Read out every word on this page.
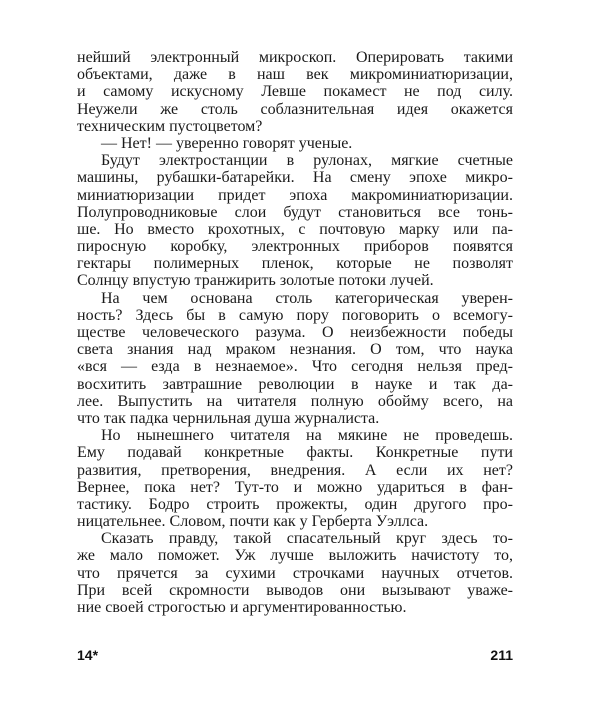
нейший электронный микроскоп. Оперировать такими
объектами, даже в наш век микроминиатюризации,
и самому искусному Левше покамест не под силу.
Неужели же столь соблазнительная идея окажется
техническим пустоцветом?
— Нет! — уверенно говорят ученые.
Будут электростанции в рулонах, мягкие счетные
машины, рубашки-батарейки. На смену эпохе микро-
миниатюризации придет эпоха макроминиатюризации.
Полупроводниковые слои будут становиться все тонь-
ше. Но вместо крохотных, с почтовую марку или па-
пиросную коробку, электронных приборов появятся
гектары полимерных пленок, которые не позволят
Солнцу впустую транжирить золотые потоки лучей.
На чем основана столь категорическая уверен-
ность? Здесь бы в самую пору поговорить о всемогу-
ществе человеческого разума. О неизбежности победы
света знания над мраком незнания. О том, что наука
«вся — езда в незнаемое». Что сегодня нельзя пред-
восхитить завтрашние революции в науке и так да-
лее. Выпустить на читателя полную обойму всего, на
что так падка чернильная душа журналиста.
Но нынешнего читателя на мякине не проведешь.
Ему подавай конкретные факты. Конкретные пути
развития, претворения, внедрения. А если их нет?
Вернее, пока нет? Тут-то и можно удариться в фан-
тастику. Бодро строить прожекты, один другого про-
ницательнее. Словом, почти как у Герберта Уэллса.
Сказать правду, такой спасательный круг здесь то-
же мало поможет. Уж лучше выложить начистоту то,
что прячется за сухими строчками научных отчетов.
При всей скромности выводов они вызывают уваже-
ние своей строгостью и аргументированностью.
14*	211
